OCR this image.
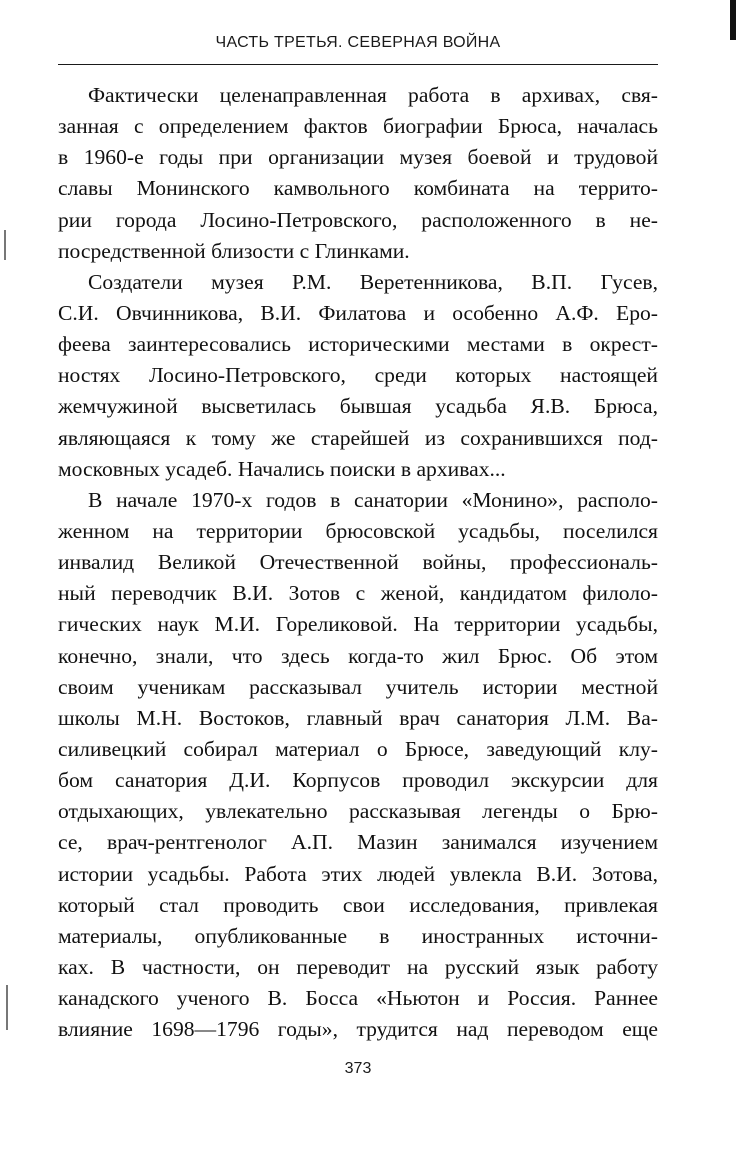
ЧАСТЬ ТРЕТЬЯ. СЕВЕРНАЯ ВОЙНА
Фактически целенаправленная работа в архивах, свя-
занная с определением фактов биографии Брюса, началась
в 1960-е годы при организации музея боевой и трудовой
славы Монинского камвольного комбината на террито-
рии города Лосино-Петровского, расположенного в не-
посредственной близости с Глинками.
Создатели музея Р.М. Веретенникова, В.П. Гусев,
С.И. Овчинникова, В.И. Филатова и особенно А.Ф. Еро-
феева заинтересовались историческими местами в окрест-
ностях Лосино-Петровского, среди которых настоящей
жемчужиной высветилась бывшая усадьба Я.В. Брюса,
являющаяся к тому же старейшей из сохранившихся под-
московных усадеб. Начались поиски в архивах...
В начале 1970-х годов в санатории «Монино», располо-
женном на территории брюсовской усадьбы, поселился
инвалид Великой Отечественной войны, профессиональ-
ный переводчик В.И. Зотов с женой, кандидатом филоло-
гических наук М.И. Гореликовой. На территории усадьбы,
конечно, знали, что здесь когда-то жил Брюс. Об этом
своим ученикам рассказывал учитель истории местной
школы М.Н. Востоков, главный врач санатория Л.М. Ва-
силивецкий собирал материал о Брюсе, заведующий клу-
бом санатория Д.И. Корпусов проводил экскурсии для
отдыхающих, увлекательно рассказывая легенды о Брю-
се, врач-рентгенолог А.П. Мазин занимался изучением
истории усадьбы. Работа этих людей увлекла В.И. Зотова,
который стал проводить свои исследования, привлекая
материалы, опубликованные в иностранных источни-
ках. В частности, он переводит на русский язык работу
канадского ученого В. Босса «Ньютон и Россия. Раннее
влияние 1698—1796 годы», трудится над переводом еще
373
